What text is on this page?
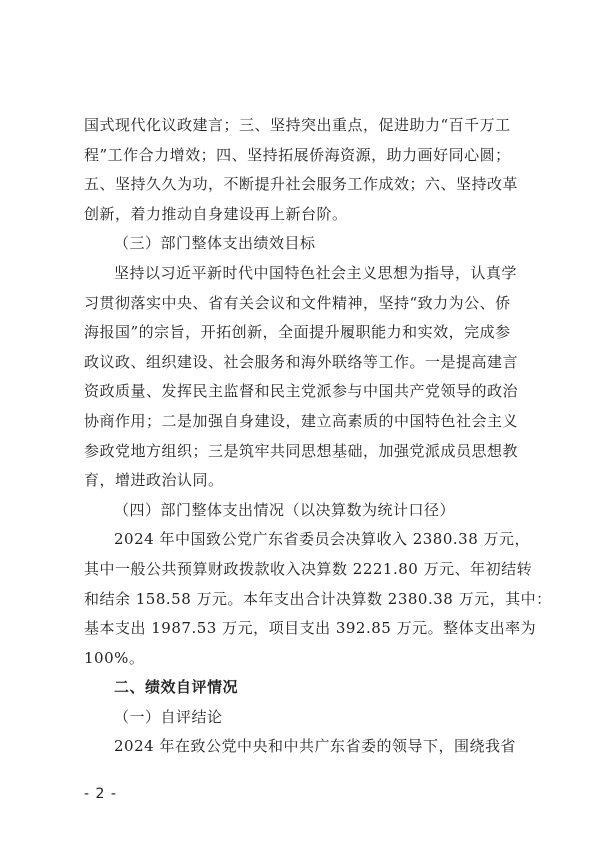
国式现代化议政建言；三、坚持突出重点，促进助力“百千万工
程”工作合力增效；四、坚持拓展侨海资源，助力画好同心圆；
五、坚持久久为功，不断提升社会服务工作成效；六、坚持改革
创新，着力推动自身建设再上新台阶。
（三）部门整体支出绩效目标
坚持以习近平新时代中国特色社会主义思想为指导，认真学
习贯彻落实中央、省有关会议和文件精神，坚持“致力为公、侨
海报国”的宗旨，开拓创新，全面提升履职能力和实效，完成参
政议政、组织建设、社会服务和海外联络等工作。一是提高建言
资政质量、发挥民主监督和民主党派参与中国共产党领导的政治
协商作用；二是加强自身建设，建立高素质的中国特色社会主义
参政党地方组织；三是筑牢共同思想基础，加强党派成员思想教
育，增进政治认同。
（四）部门整体支出情况（以决算数为统计口径）
2024 年中国致公党广东省委员会决算收入 2380.38 万元，
其中一般公共预算财政拨款收入决算数 2221.80 万元、年初结转
和结余 158.58 万元。本年支出合计决算数 2380.38 万元，其中：
基本支出 1987.53 万元，项目支出 392.85 万元。整体支出率为
100%。
二、绩效自评情况
（一）自评结论
2024 年在致公党中央和中共广东省委的领导下，围绕我省
- 2 -
